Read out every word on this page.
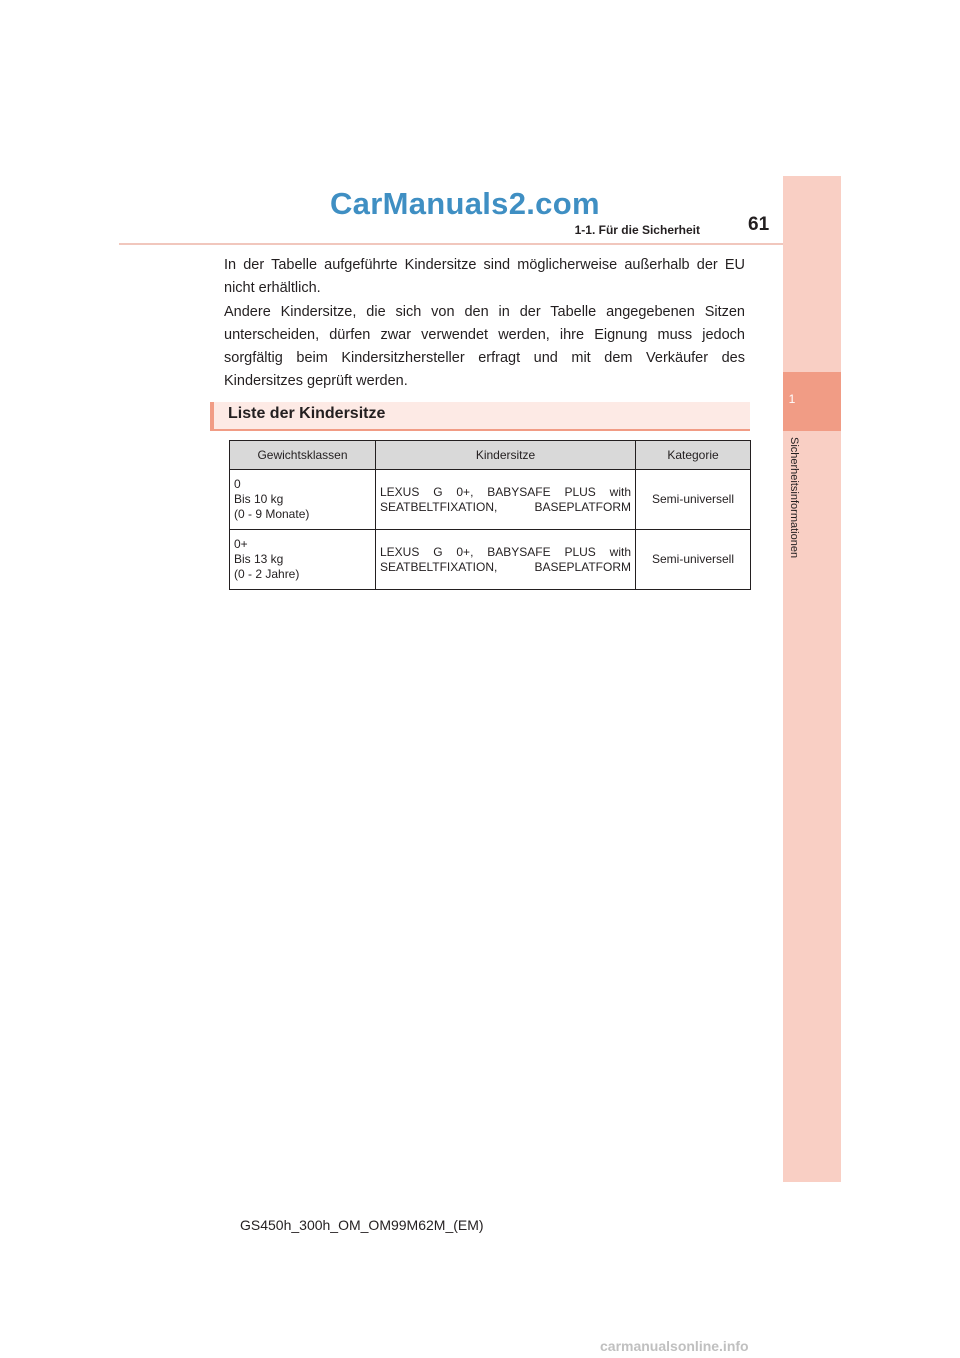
CarManuals2.com
1-1. Für die Sicherheit	61
1
Sicherheitsinformationen

In der Tabelle aufgeführte Kindersitze sind möglicherweise außerhalb der EU nicht erhältlich.

Andere Kindersitze, die sich von den in der Tabelle angegebenen Sitzen unterscheiden, dürfen zwar verwendet werden, ihre Eignung muss jedoch sorgfältig beim Kindersitzhersteller erfragt und mit dem Verkäufer des Kindersitzes geprüft werden.

Liste der Kindersitze
Gewichtsklassen	Kindersitze	Kategorie

0
Bis 10 kg
(0 - 9 Monate)	LEXUS G 0+, BABYSAFE PLUS with
SEATBELTFIXATION, BASEPLATFORM	Semi-universell

0+
Bis 13 kg
(0 - 2 Jahre)	LEXUS G 0+, BABYSAFE PLUS with
SEATBELTFIXATION, BASEPLATFORM	Semi-universell
GS450h_300h_OM_OM99M62M_(EM)
carmanualsonline.info
